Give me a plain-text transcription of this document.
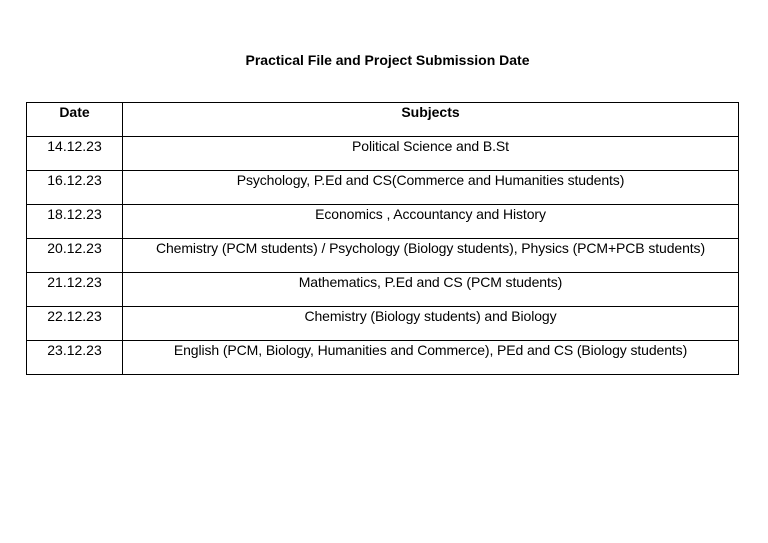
Practical File and Project Submission Date
Date	Subjects

14.12.23	Political Science and B.St

16.12.23	Psychology, P.Ed and CS(Commerce and Humanities students)

18.12.23	Economics , Accountancy and History

20.12.23	Chemistry (PCM students) / Psychology (Biology students), Physics (PCM+PCB students)

21.12.23	Mathematics, P.Ed and CS (PCM students)

22.12.23	Chemistry (Biology students) and Biology

23.12.23	English (PCM, Biology, Humanities and Commerce), PEd and CS (Biology students)
